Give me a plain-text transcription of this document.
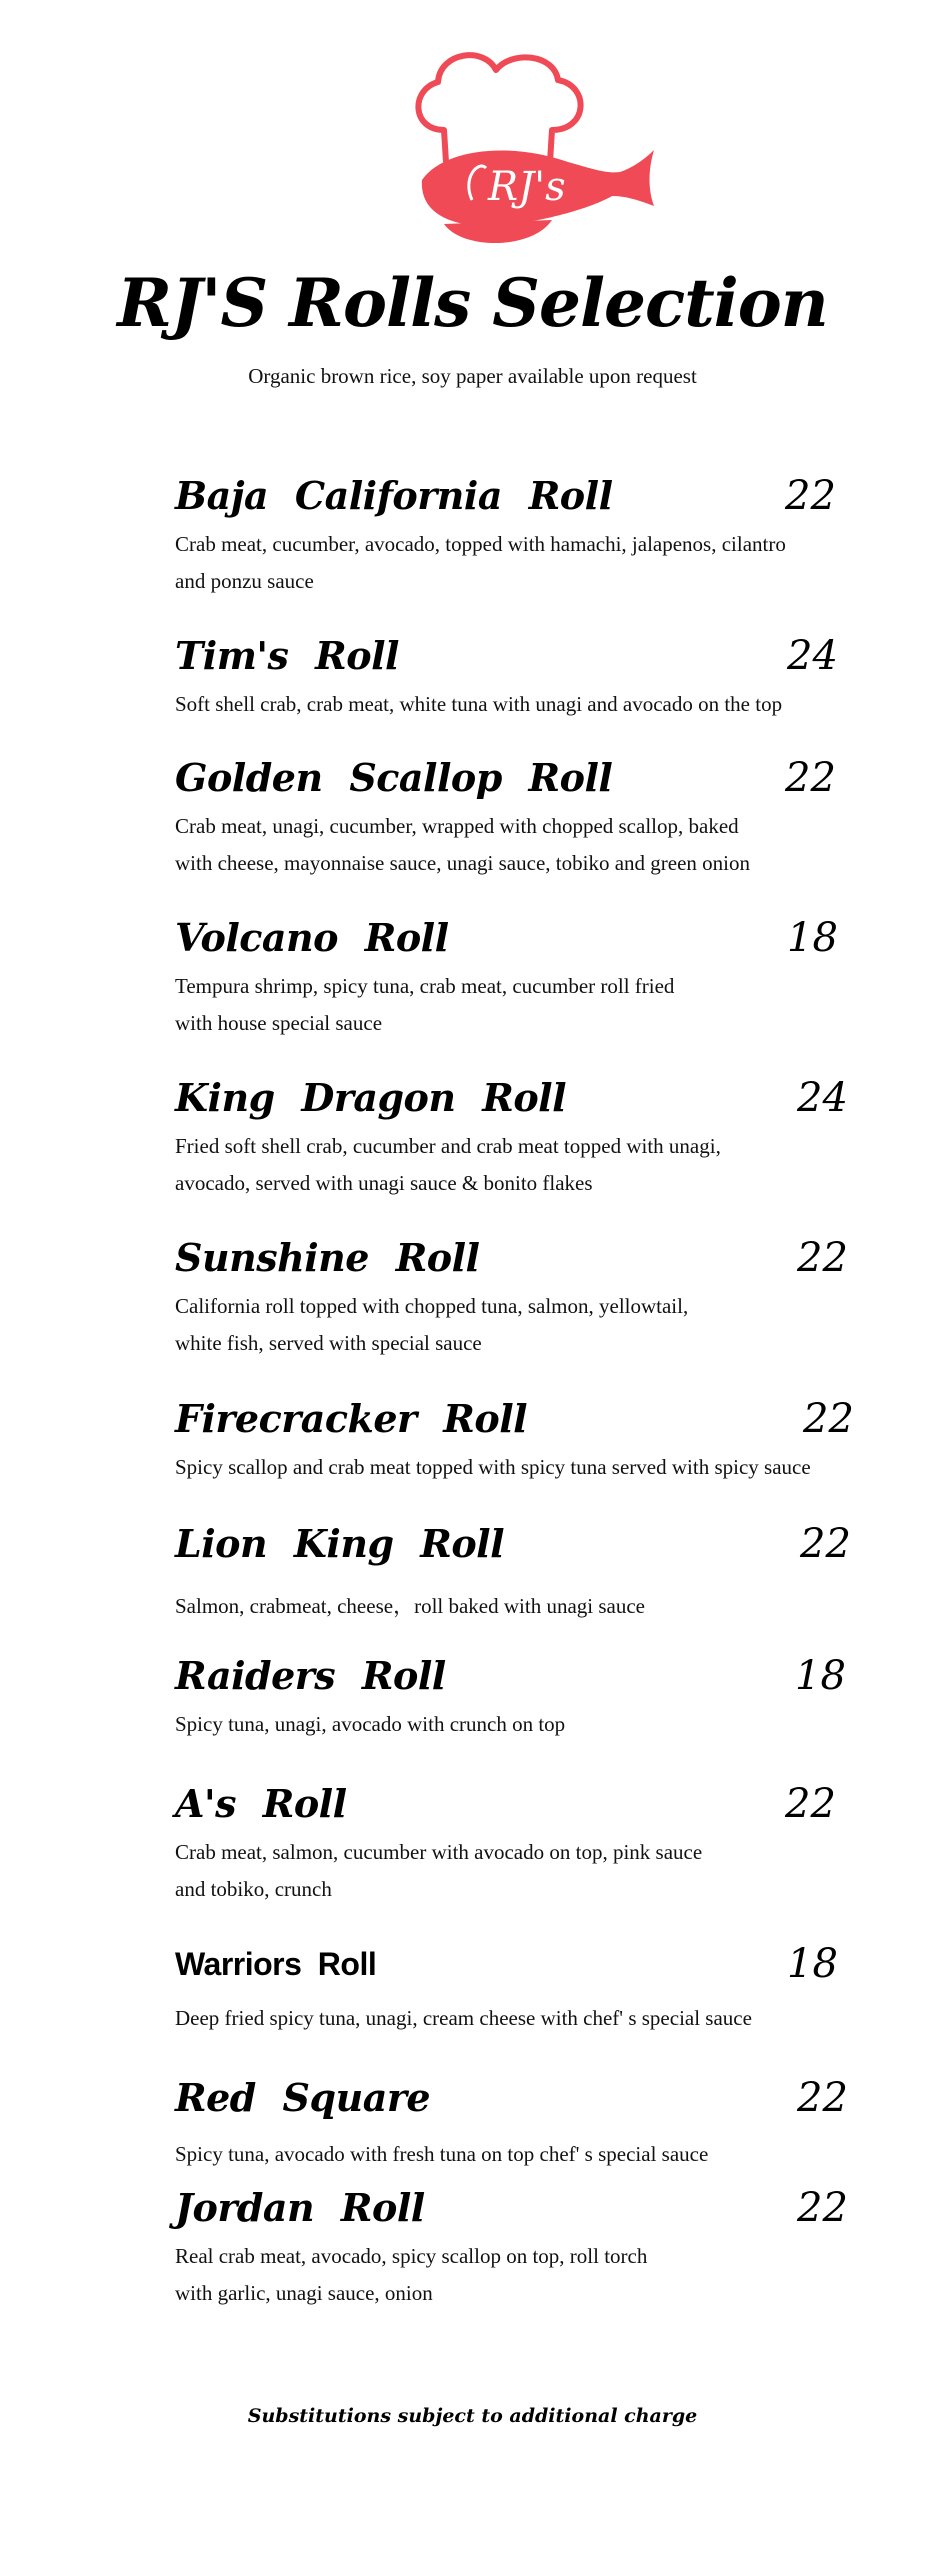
RJ's
RJ'S Rolls Selection
Organic brown rice, soy paper available upon request
Baja California Roll	22
Crab meat, cucumber, avocado, topped with hamachi, jalapenos, cilantro
and ponzu sauce
Tim's Roll	24
Soft shell crab, crab meat, white tuna with unagi and avocado on the top
Golden Scallop Roll	22
Crab meat, unagi, cucumber, wrapped with chopped scallop, baked
with cheese, mayonnaise sauce, unagi sauce, tobiko and green onion
Volcano Roll	18
Tempura shrimp, spicy tuna, crab meat, cucumber roll fried
with house special sauce
King Dragon Roll	24
Fried soft shell crab, cucumber and crab meat topped with unagi,
avocado, served with unagi sauce & bonito flakes
Sunshine Roll	22
California roll topped with chopped tuna, salmon, yellowtail,
white fish, served with special sauce
Firecracker Roll	22
Spicy scallop and crab meat topped with spicy tuna served with spicy sauce
Lion King Roll	22
Salmon, crabmeat, cheese，roll baked with unagi sauce
Raiders Roll	18
Spicy tuna, unagi, avocado with crunch on top
A's Roll	22
Crab meat, salmon, cucumber with avocado on top, pink sauce
and tobiko, crunch
Warriors Roll	18
Deep fried spicy tuna, unagi, cream cheese with chef' s special sauce
Red Square	22
Spicy tuna, avocado with fresh tuna on top chef' s special sauce
Jordan Roll	22
Real crab meat, avocado, spicy scallop on top, roll torch
with garlic, unagi sauce, onion
Substitutions subject to additional charge
